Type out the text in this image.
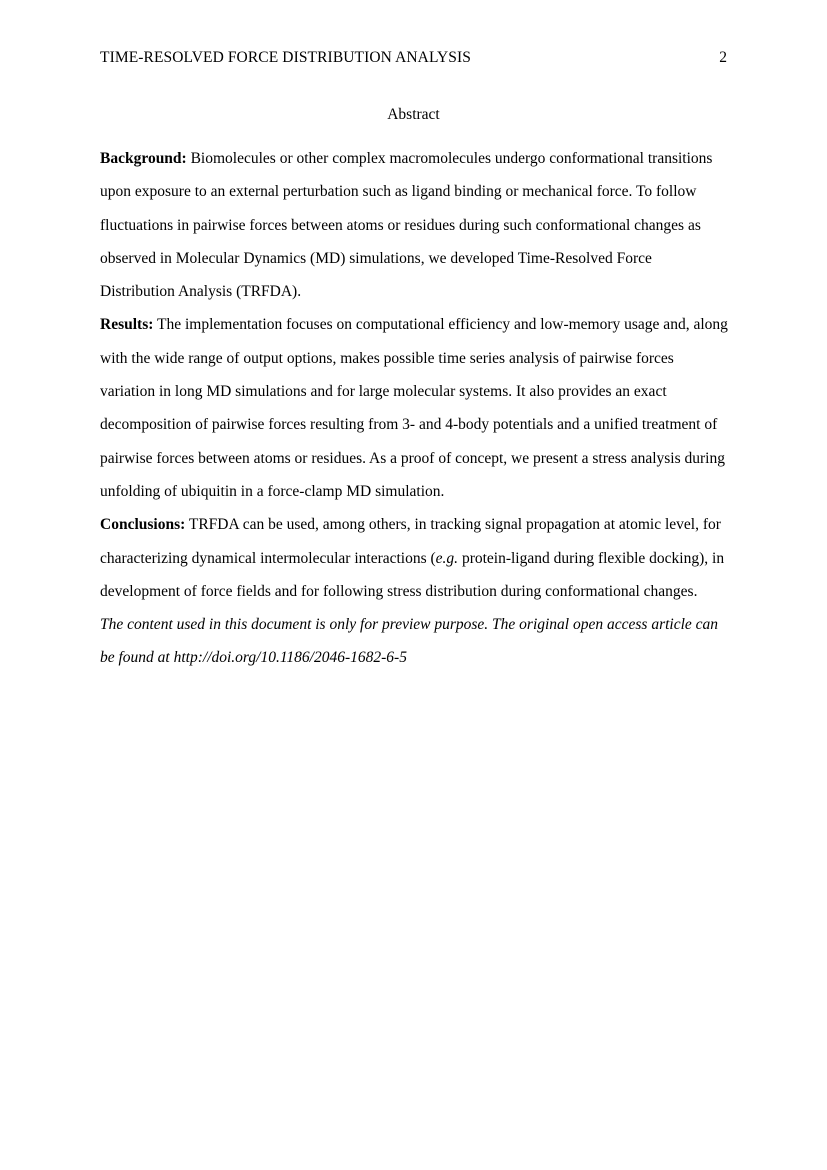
TIME-RESOLVED FORCE DISTRIBUTION ANALYSIS	2
Abstract

Background: Biomolecules or other complex macromolecules undergo conformational transitions upon exposure to an external perturbation such as ligand binding or mechanical force. To follow fluctuations in pairwise forces between atoms or residues during such conformational changes as observed in Molecular Dynamics (MD) simulations, we developed Time-Resolved Force Distribution Analysis (TRFDA).

Results: The implementation focuses on computational efficiency and low-memory usage and, along with the wide range of output options, makes possible time series analysis of pairwise forces variation in long MD simulations and for large molecular systems. It also provides an exact decomposition of pairwise forces resulting from 3- and 4-body potentials and a unified treatment of pairwise forces between atoms or residues. As a proof of concept, we present a stress analysis during unfolding of ubiquitin in a force-clamp MD simulation.

Conclusions: TRFDA can be used, among others, in tracking signal propagation at atomic level, for characterizing dynamical intermolecular interactions (e.g. protein-ligand during flexible docking), in development of force fields and for following stress distribution during conformational changes.

The content used in this document is only for preview purpose. The original open access article can be found at http://doi.org/10.1186/2046-1682-6-5
